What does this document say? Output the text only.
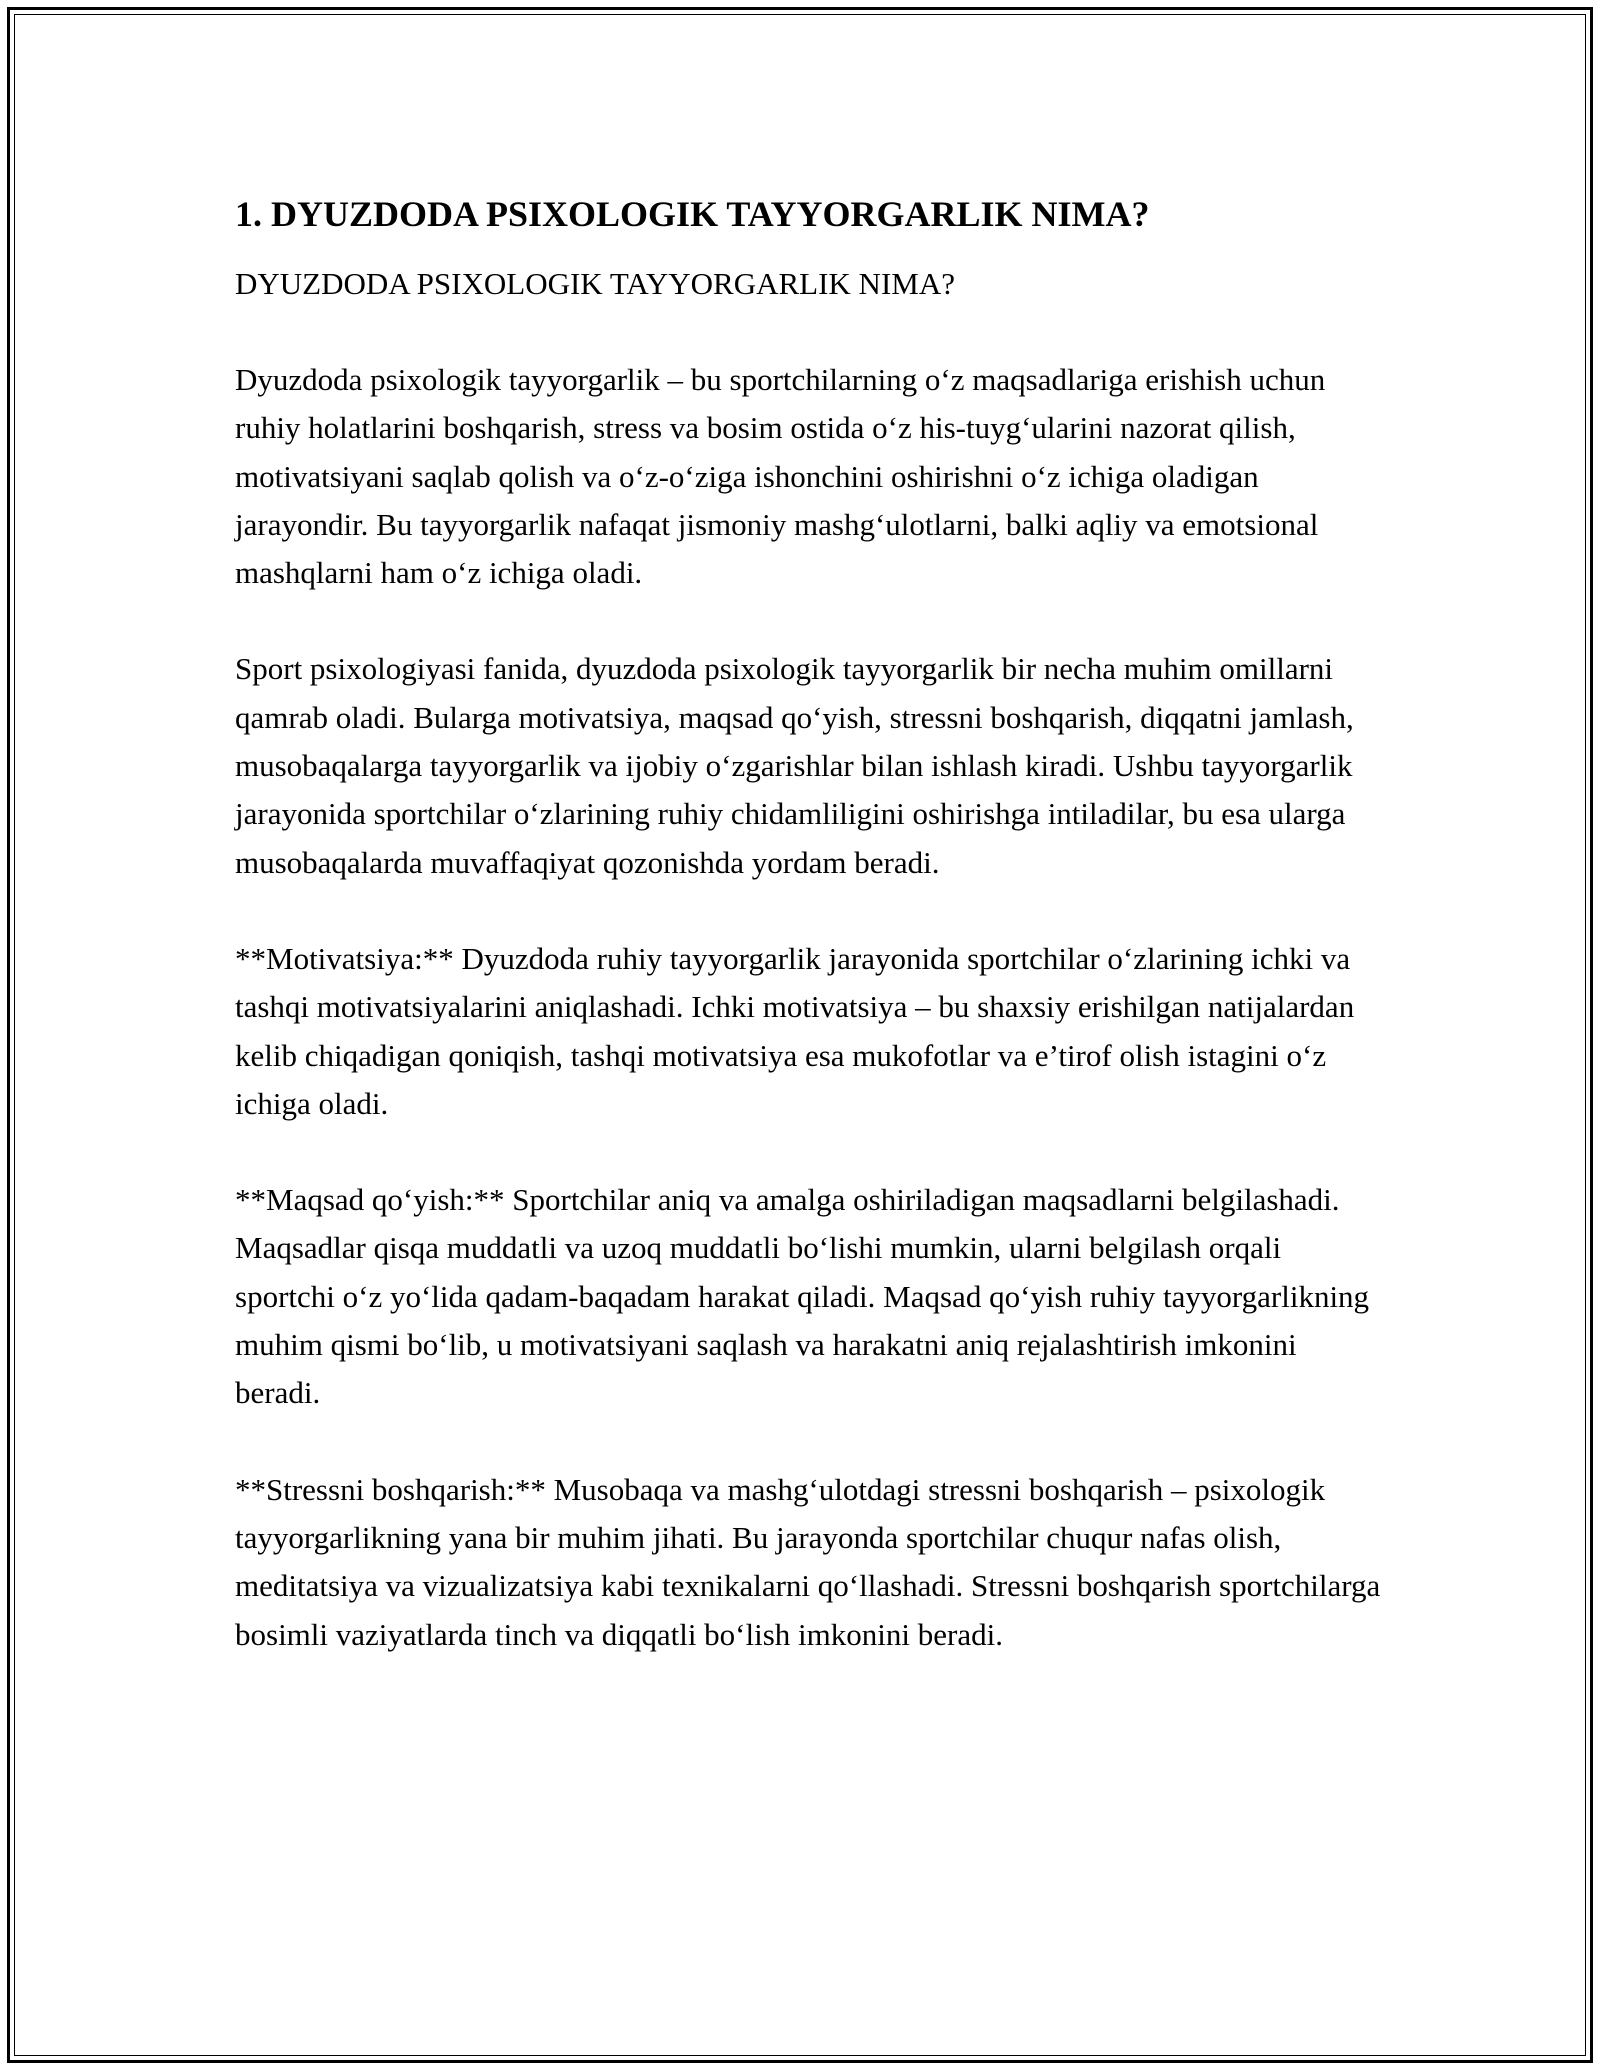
1. DYUZDODA PSIXOLOGIK TAYYORGARLIK NIMA?

DYUZDODA PSIXOLOGIK TAYYORGARLIK NIMA?

Dyuzdoda psixologik tayyorgarlik – bu sportchilarning o‘z maqsadlariga erishish uchun ruhiy holatlarini boshqarish, stress va bosim ostida o‘z his-tuyg‘ularini nazorat qilish, motivatsiyani saqlab qolish va o‘z-o‘ziga ishonchini oshirishni o‘z ichiga oladigan jarayondir. Bu tayyorgarlik nafaqat jismoniy mashg‘ulotlarni, balki aqliy va emotsional mashqlarni ham o‘z ichiga oladi.

Sport psixologiyasi fanida, dyuzdoda psixologik tayyorgarlik bir necha muhim omillarni qamrab oladi. Bularga motivatsiya, maqsad qo‘yish, stressni boshqarish, diqqatni jamlash, musobaqalarga tayyorgarlik va ijobiy o‘zgarishlar bilan ishlash kiradi. Ushbu tayyorgarlik jarayonida sportchilar o‘zlarining ruhiy chidamliligini oshirishga intiladilar, bu esa ularga musobaqalarda muvaffaqiyat qozonishda yordam beradi.

**Motivatsiya:** Dyuzdoda ruhiy tayyorgarlik jarayonida sportchilar o‘zlarining ichki va tashqi motivatsiyalarini aniqlashadi. Ichki motivatsiya – bu shaxsiy erishilgan natijalardan kelib chiqadigan qoniqish, tashqi motivatsiya esa mukofotlar va e’tirof olish istagini o‘z ichiga oladi.

**Maqsad qo‘yish:** Sportchilar aniq va amalga oshiriladigan maqsadlarni belgilashadi. Maqsadlar qisqa muddatli va uzoq muddatli bo‘lishi mumkin, ularni belgilash orqali sportchi o‘z yo‘lida qadam-baqadam harakat qiladi. Maqsad qo‘yish ruhiy tayyorgarlikning muhim qismi bo‘lib, u motivatsiyani saqlash va harakatni aniq rejalashtirish imkonini beradi.

**Stressni boshqarish:** Musobaqa va mashg‘ulotdagi stressni boshqarish – psixologik tayyorgarlikning yana bir muhim jihati. Bu jarayonda sportchilar chuqur nafas olish, meditatsiya va vizualizatsiya kabi texnikalarni qo‘llashadi. Stressni boshqarish sportchilarga bosimli vaziyatlarda tinch va diqqatli bo‘lish imkonini beradi.
